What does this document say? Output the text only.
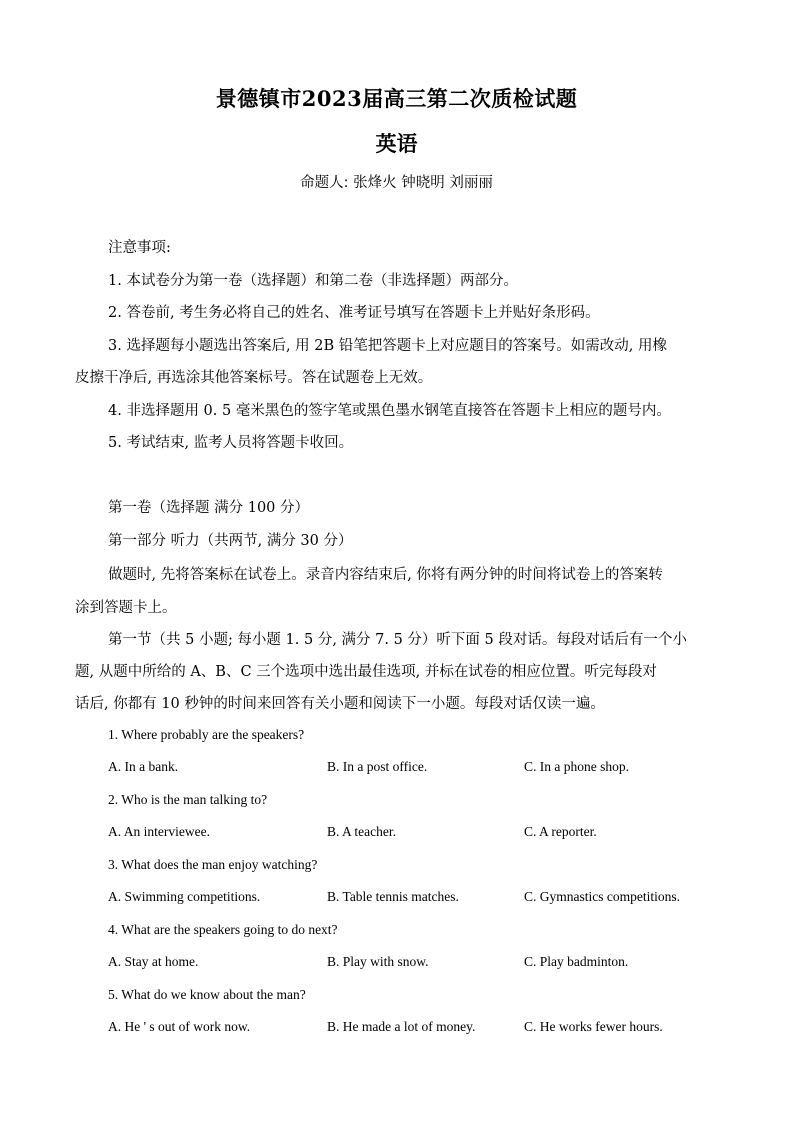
景德镇市2023届高三第二次质检试题
英语
命题人: 张烽火 钟晓明 刘丽丽
注意事项:
1. 本试卷分为第一卷（选择题）和第二卷（非选择题）两部分。
2. 答卷前, 考生务必将自己的姓名、准考证号填写在答题卡上并贴好条形码。
3. 选择题每小题选出答案后, 用 2B 铅笔把答题卡上对应题目的答案号。如需改动, 用橡
皮擦干净后, 再选涂其他答案标号。答在试题卷上无效。
4. 非选择题用 0. 5 毫米黑色的签字笔或黑色墨水钢笔直接答在答题卡上相应的题号内。
5. 考试结束, 监考人员将答题卡收回。
第一卷（选择题 满分 100 分）
第一部分 听力（共两节, 满分 30 分）
做题时, 先将答案标在试卷上。录音内容结束后, 你将有两分钟的时间将试卷上的答案转
涂到答题卡上。
第一节（共 5 小题; 每小题 1. 5 分, 满分 7. 5 分）听下面 5 段对话。每段对话后有一个小
题, 从题中所给的 A、B、C 三个选项中选出最佳选项, 并标在试卷的相应位置。听完每段对
话后, 你都有 10 秒钟的时间来回答有关小题和阅读下一小题。每段对话仅读一遍。
1. Where probably are the speakers?
A. In a bank.	B. In a post office.	C. In a phone shop.
2. Who is the man talking to?
A. An interviewee.	B. A teacher.	C. A reporter.
3. What does the man enjoy watching?
A. Swimming competitions.	B. Table tennis matches.	C. Gymnastics competitions.
4. What are the speakers going to do next?
A. Stay at home.	B. Play with snow.	C. Play badminton.
5. What do we know about the man?
A. He ' s out of work now.	B. He made a lot of money.	C. He works fewer hours.
